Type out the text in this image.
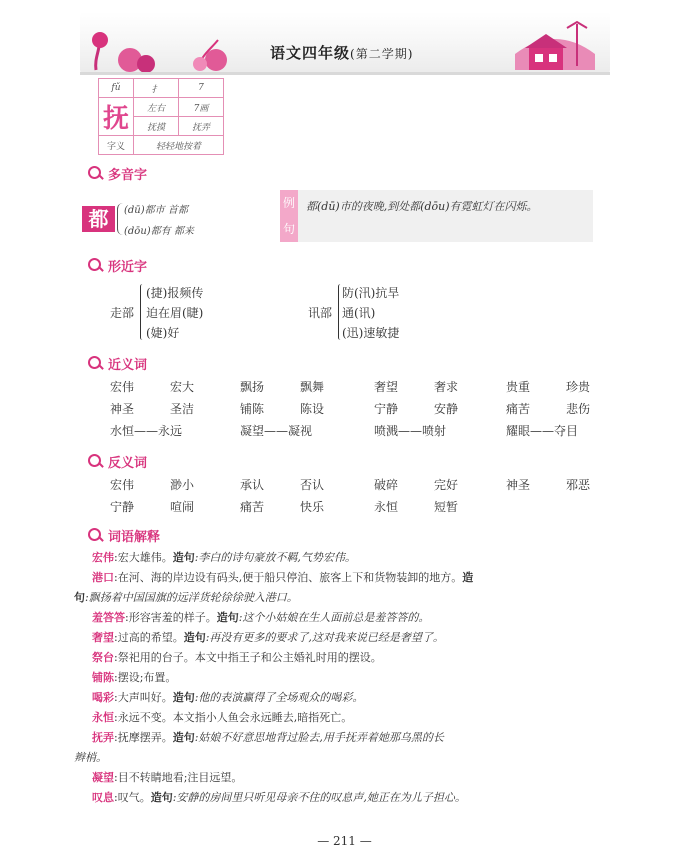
语文四年级(第二学期)
fǔ	扌	7
抚	左右	7画
	抚摸	抚弄
字义	轻轻地按着	
多音字
都	(dū)都市 首都
(dōu)都有 都来
例句
都(dū)市的夜晚,到处都(dōu)有霓虹灯在闪烁。
形近字
走部
(捷)报频传
迫在眉(睫)
(婕)好
讯部
防(汛)抗旱
通(讯)
(迅)速敏捷
近义词
宏伟	宏大	飘扬	飘舞	奢望	奢求	贵重	珍贵
神圣	圣洁	铺陈	陈设	宁静	安静	痛苦	悲伤
水恒——永远	凝望——凝视	喷溅——喷射	耀眼——夺目
反义词
宏伟	渺小	承认	否认	破碎	完好	神圣	邪恶
宁静	喧闹	痛苦	快乐	永恒	短暂
词语解释
宏伟:宏大雄伟。造句:李白的诗句豪放不羁,气势宏伟。
港口:在河、海的岸边设有码头,便于船只停泊、旅客上下和货物装卸的地方。造
句:飘扬着中国国旗的远洋货轮徐徐驶入港口。
羞答答:形容害羞的样子。造句:这个小姑娘在生人面前总是羞答答的。
奢望:过高的希望。造句:再没有更多的要求了,这对我来说已经是奢望了。
祭台:祭祀用的台子。本文中指王子和公主婚礼时用的摆设。
铺陈:摆设;布置。
喝彩:大声叫好。造句:他的表演赢得了全场观众的喝彩。
永恒:永远不变。本文指小人鱼会永远睡去,暗指死亡。
抚弄:抚摩摆弄。造句:姑娘不好意思地背过脸去,用手抚弄着她那乌黑的长
辫梢。
凝望:目不转睛地看;注目远望。
叹息:叹气。造句:安静的房间里只听见母亲不住的叹息声,她正在为儿子担心。
— 211 —
